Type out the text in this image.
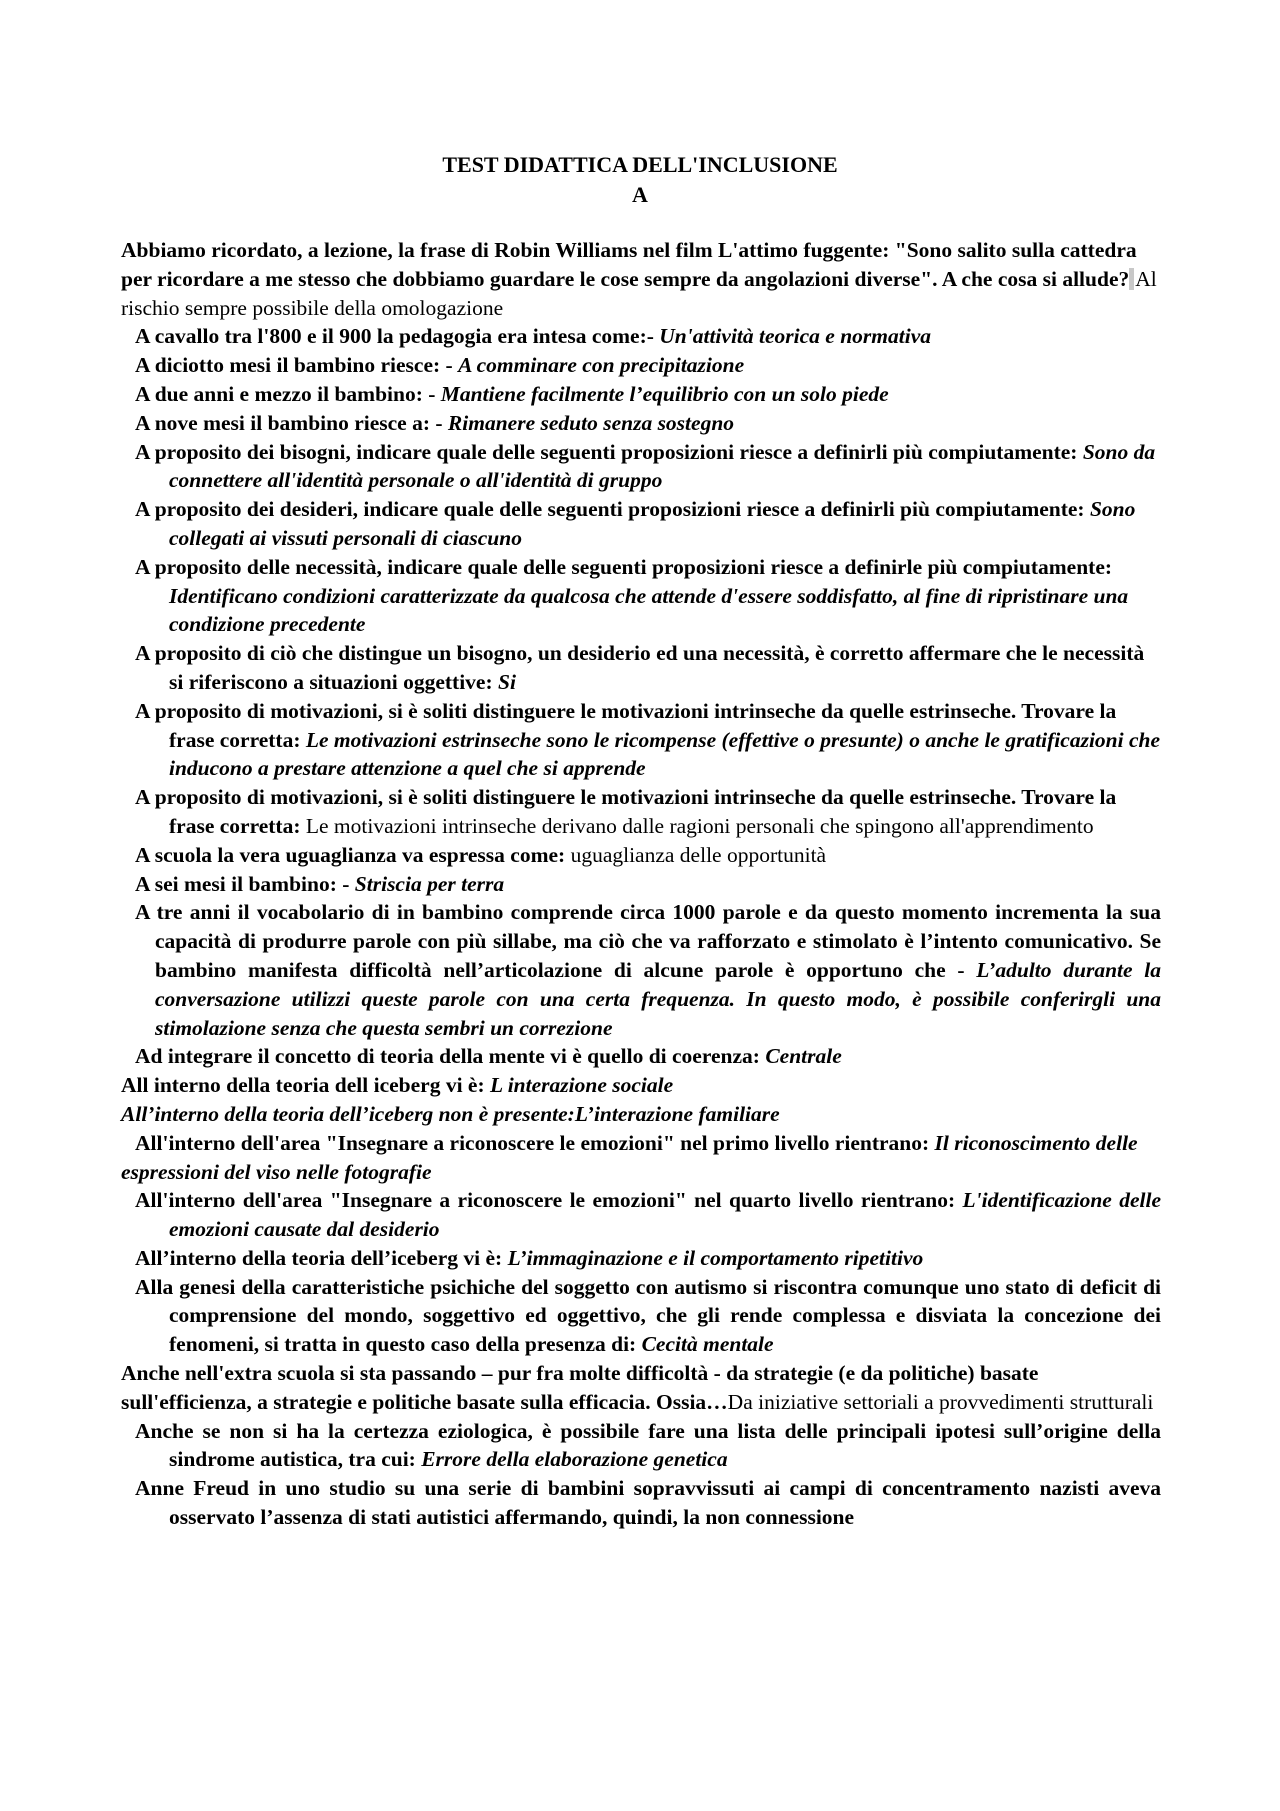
TEST DIDATTICA DELL'INCLUSIONE
A

Abbiamo ricordato, a lezione, la frase di Robin Williams nel film L'attimo fuggente: "Sono salito sulla cattedra per ricordare a me stesso che dobbiamo guardare le cose sempre da angolazioni diverse". A che cosa si allude? Al rischio sempre possibile della omologazione

A cavallo tra l'800 e il 900 la pedagogia era intesa come:- Un'attività teorica e normativa

A diciotto mesi il bambino riesce: - A comminare con precipitazione

A due anni e mezzo il bambino: - Mantiene facilmente l’equilibrio con un solo piede

A nove mesi il bambino riesce a: - Rimanere seduto senza sostegno

A proposito dei bisogni, indicare quale delle seguenti proposizioni riesce a definirli più compiutamente: Sono da connettere all'identità personale o all'identità di gruppo

A proposito dei desideri, indicare quale delle seguenti proposizioni riesce a definirli più compiutamente: Sono collegati ai vissuti personali di ciascuno

A proposito delle necessità, indicare quale delle seguenti proposizioni riesce a definirle più compiutamente: Identificano condizioni caratterizzate da qualcosa che attende d'essere soddisfatto, al fine di ripristinare una condizione precedente

A proposito di ciò che distingue un bisogno, un desiderio ed una necessità, è corretto affermare che le necessità si riferiscono a situazioni oggettive: Si

A proposito di motivazioni, si è soliti distinguere le motivazioni intrinseche da quelle estrinseche. Trovare la frase corretta: Le motivazioni estrinseche sono le ricompense (effettive o presunte) o anche le gratificazioni che inducono a prestare attenzione a quel che si apprende

A proposito di motivazioni, si è soliti distinguere le motivazioni intrinseche da quelle estrinseche. Trovare la frase corretta: Le motivazioni intrinseche derivano dalle ragioni personali che spingono all'apprendimento

A scuola la vera uguaglianza va espressa come: uguaglianza delle opportunità

A sei mesi il bambino: - Striscia per terra

A tre anni il vocabolario di in bambino comprende circa 1000 parole e da questo momento incrementa la sua capacità di produrre parole con più sillabe, ma ciò che va rafforzato e stimolato è l’intento comunicativo. Se bambino manifesta difficoltà nell’articolazione di alcune parole è opportuno che - L’adulto durante la conversazione utilizzi queste parole con una certa frequenza. In questo modo, è possibile conferirgli una stimolazione senza che questa sembri un correzione

Ad integrare il concetto di teoria della mente vi è quello di coerenza: Centrale

All interno della teoria dell iceberg vi è: L interazione sociale

All’interno della teoria dell’iceberg non è presente:L’interazione familiare

All'interno dell'area "Insegnare a riconoscere le emozioni" nel primo livello rientrano: Il riconoscimento delle espressioni del viso nelle fotografie

All'interno dell'area "Insegnare a riconoscere le emozioni" nel quarto livello rientrano: L'identificazione delle emozioni causate dal desiderio

All’interno della teoria dell’iceberg vi è: L’immaginazione e il comportamento ripetitivo

Alla genesi della caratteristiche psichiche del soggetto con autismo si riscontra comunque uno stato di deficit di comprensione del mondo, soggettivo ed oggettivo, che gli rende complessa e disviata la concezione dei fenomeni, si tratta in questo caso della presenza di: Cecità mentale

Anche nell'extra scuola si sta passando – pur fra molte difficoltà - da strategie (e da politiche) basate sull'efficienza, a strategie e politiche basate sulla efficacia. Ossia…Da iniziative settoriali a provvedimenti strutturali

Anche se non si ha la certezza eziologica, è possibile fare una lista delle principali ipotesi sull’origine della sindrome autistica, tra cui: Errore della elaborazione genetica

Anne Freud in uno studio su una serie di bambini sopravvissuti ai campi di concentramento nazisti aveva osservato l’assenza di stati autistici affermando, quindi, la non connessione
